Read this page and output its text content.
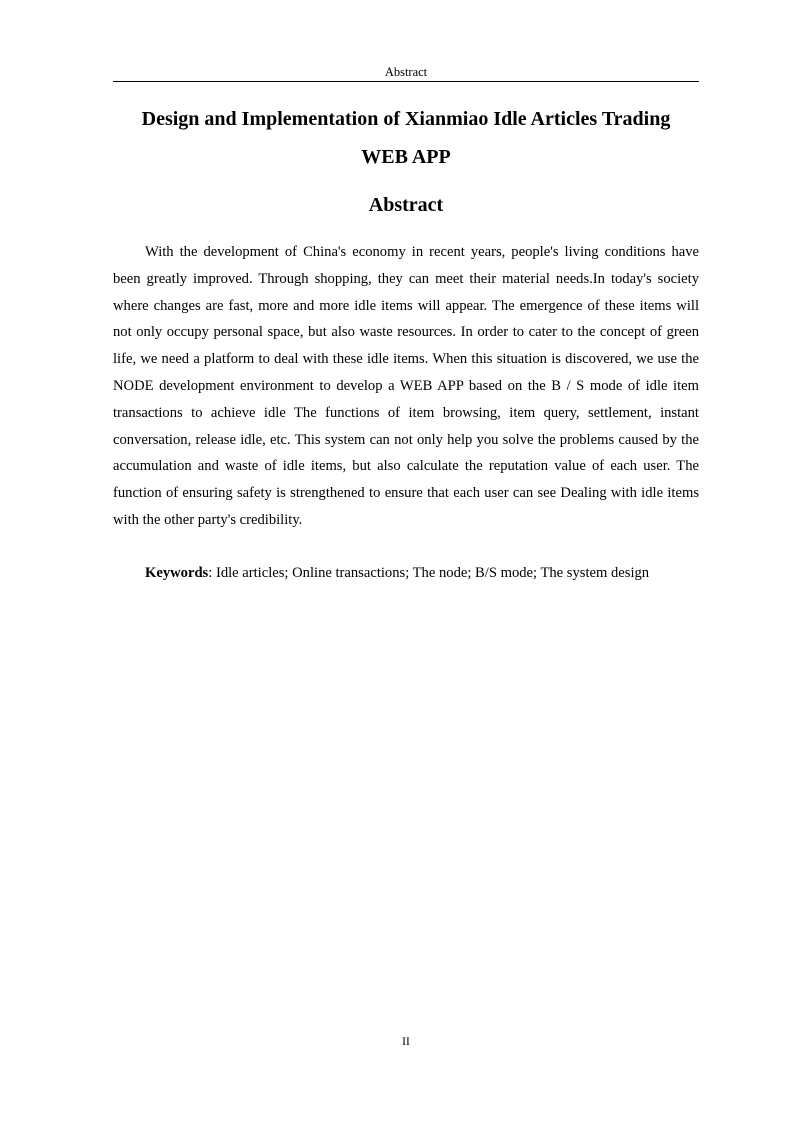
Abstract
Design and Implementation of Xianmiao Idle Articles Trading
WEB APP
Abstract

With the development of China's economy in recent years, people's living conditions have been greatly improved. Through shopping, they can meet their material needs.In today's society where changes are fast, more and more idle items will appear. The emergence of these items will not only occupy personal space, but also waste resources. In order to cater to the concept of green life, we need a platform to deal with these idle items. When this situation is discovered, we use the NODE development environment to develop a WEB APP based on the B / S mode of idle item transactions to achieve idle The functions of item browsing, item query, settlement, instant conversation, release idle, etc. This system can not only help you solve the problems caused by the accumulation and waste of idle items, but also calculate the reputation value of each user. The function of ensuring safety is strengthened to ensure that each user can see Dealing with idle items with the other party's credibility.

Keywords: Idle articles; Online transactions; The node; B/S mode; The system design

II
